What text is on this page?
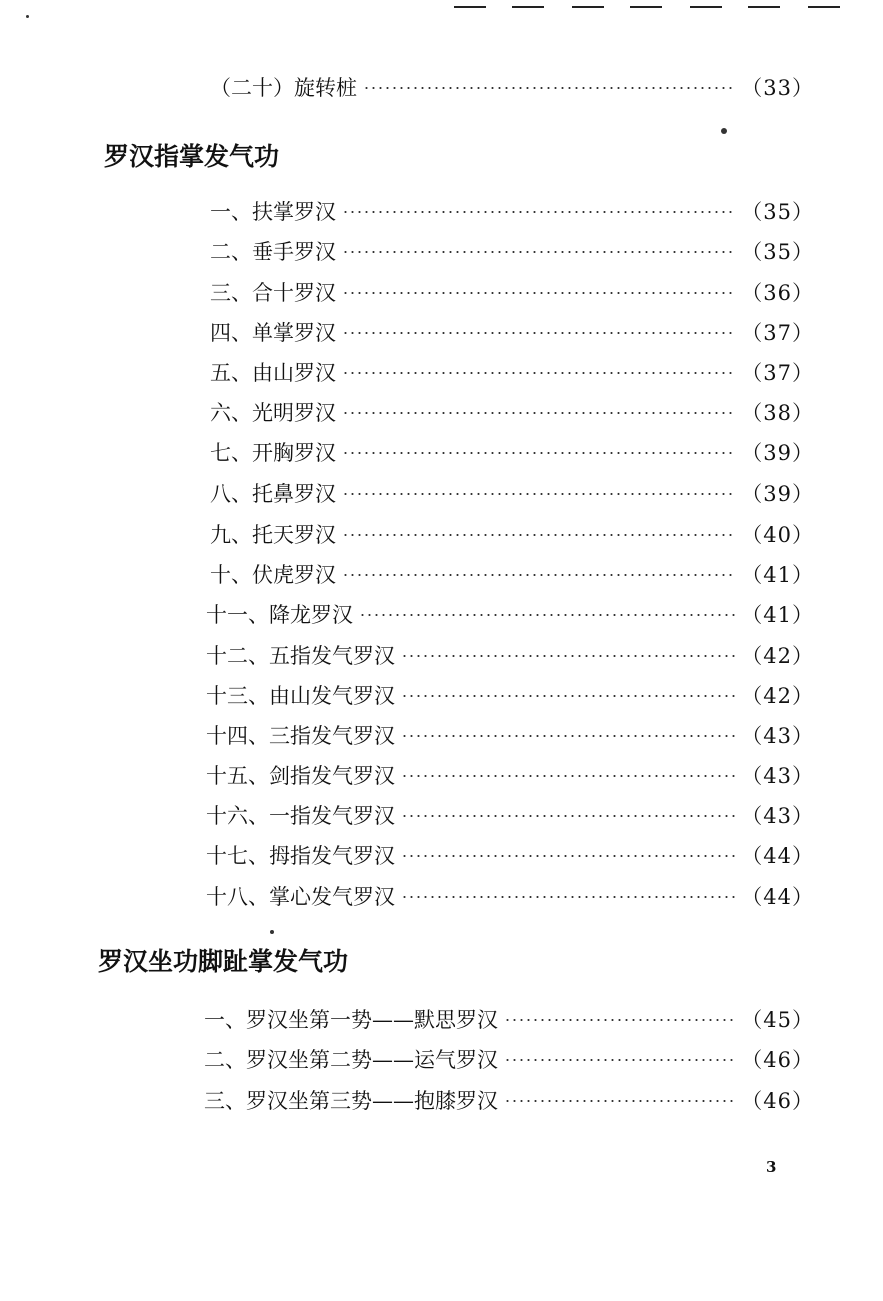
（二十） 旋转桩	（33）
罗汉指掌发气功
一、 扶掌罗汉	（35）
二、 垂手罗汉	（35）
三、 合十罗汉	（36）
四、 单掌罗汉	（37）
五、 由山罗汉	（37）
六、 光明罗汉	（38）
七、 开胸罗汉	（39）
八、 托鼻罗汉	（39）
九、 托天罗汉	（40）
十、 伏虎罗汉	（41）
十一、 降龙罗汉	（41）
十二、 五指发气罗汉	（42）
十三、 由山发气罗汉	（42）
十四、 三指发气罗汉	（43）
十五、 剑指发气罗汉	（43）
十六、 一指发气罗汉	（43）
十七、 拇指发气罗汉	（44）
十八、 掌心发气罗汉	（44）
罗汉坐功脚趾掌发气功
一、 罗汉坐第一势——默思罗汉	（45）
二、 罗汉坐第二势——运气罗汉	（46）
三、 罗汉坐第三势——抱膝罗汉	（46）
3
